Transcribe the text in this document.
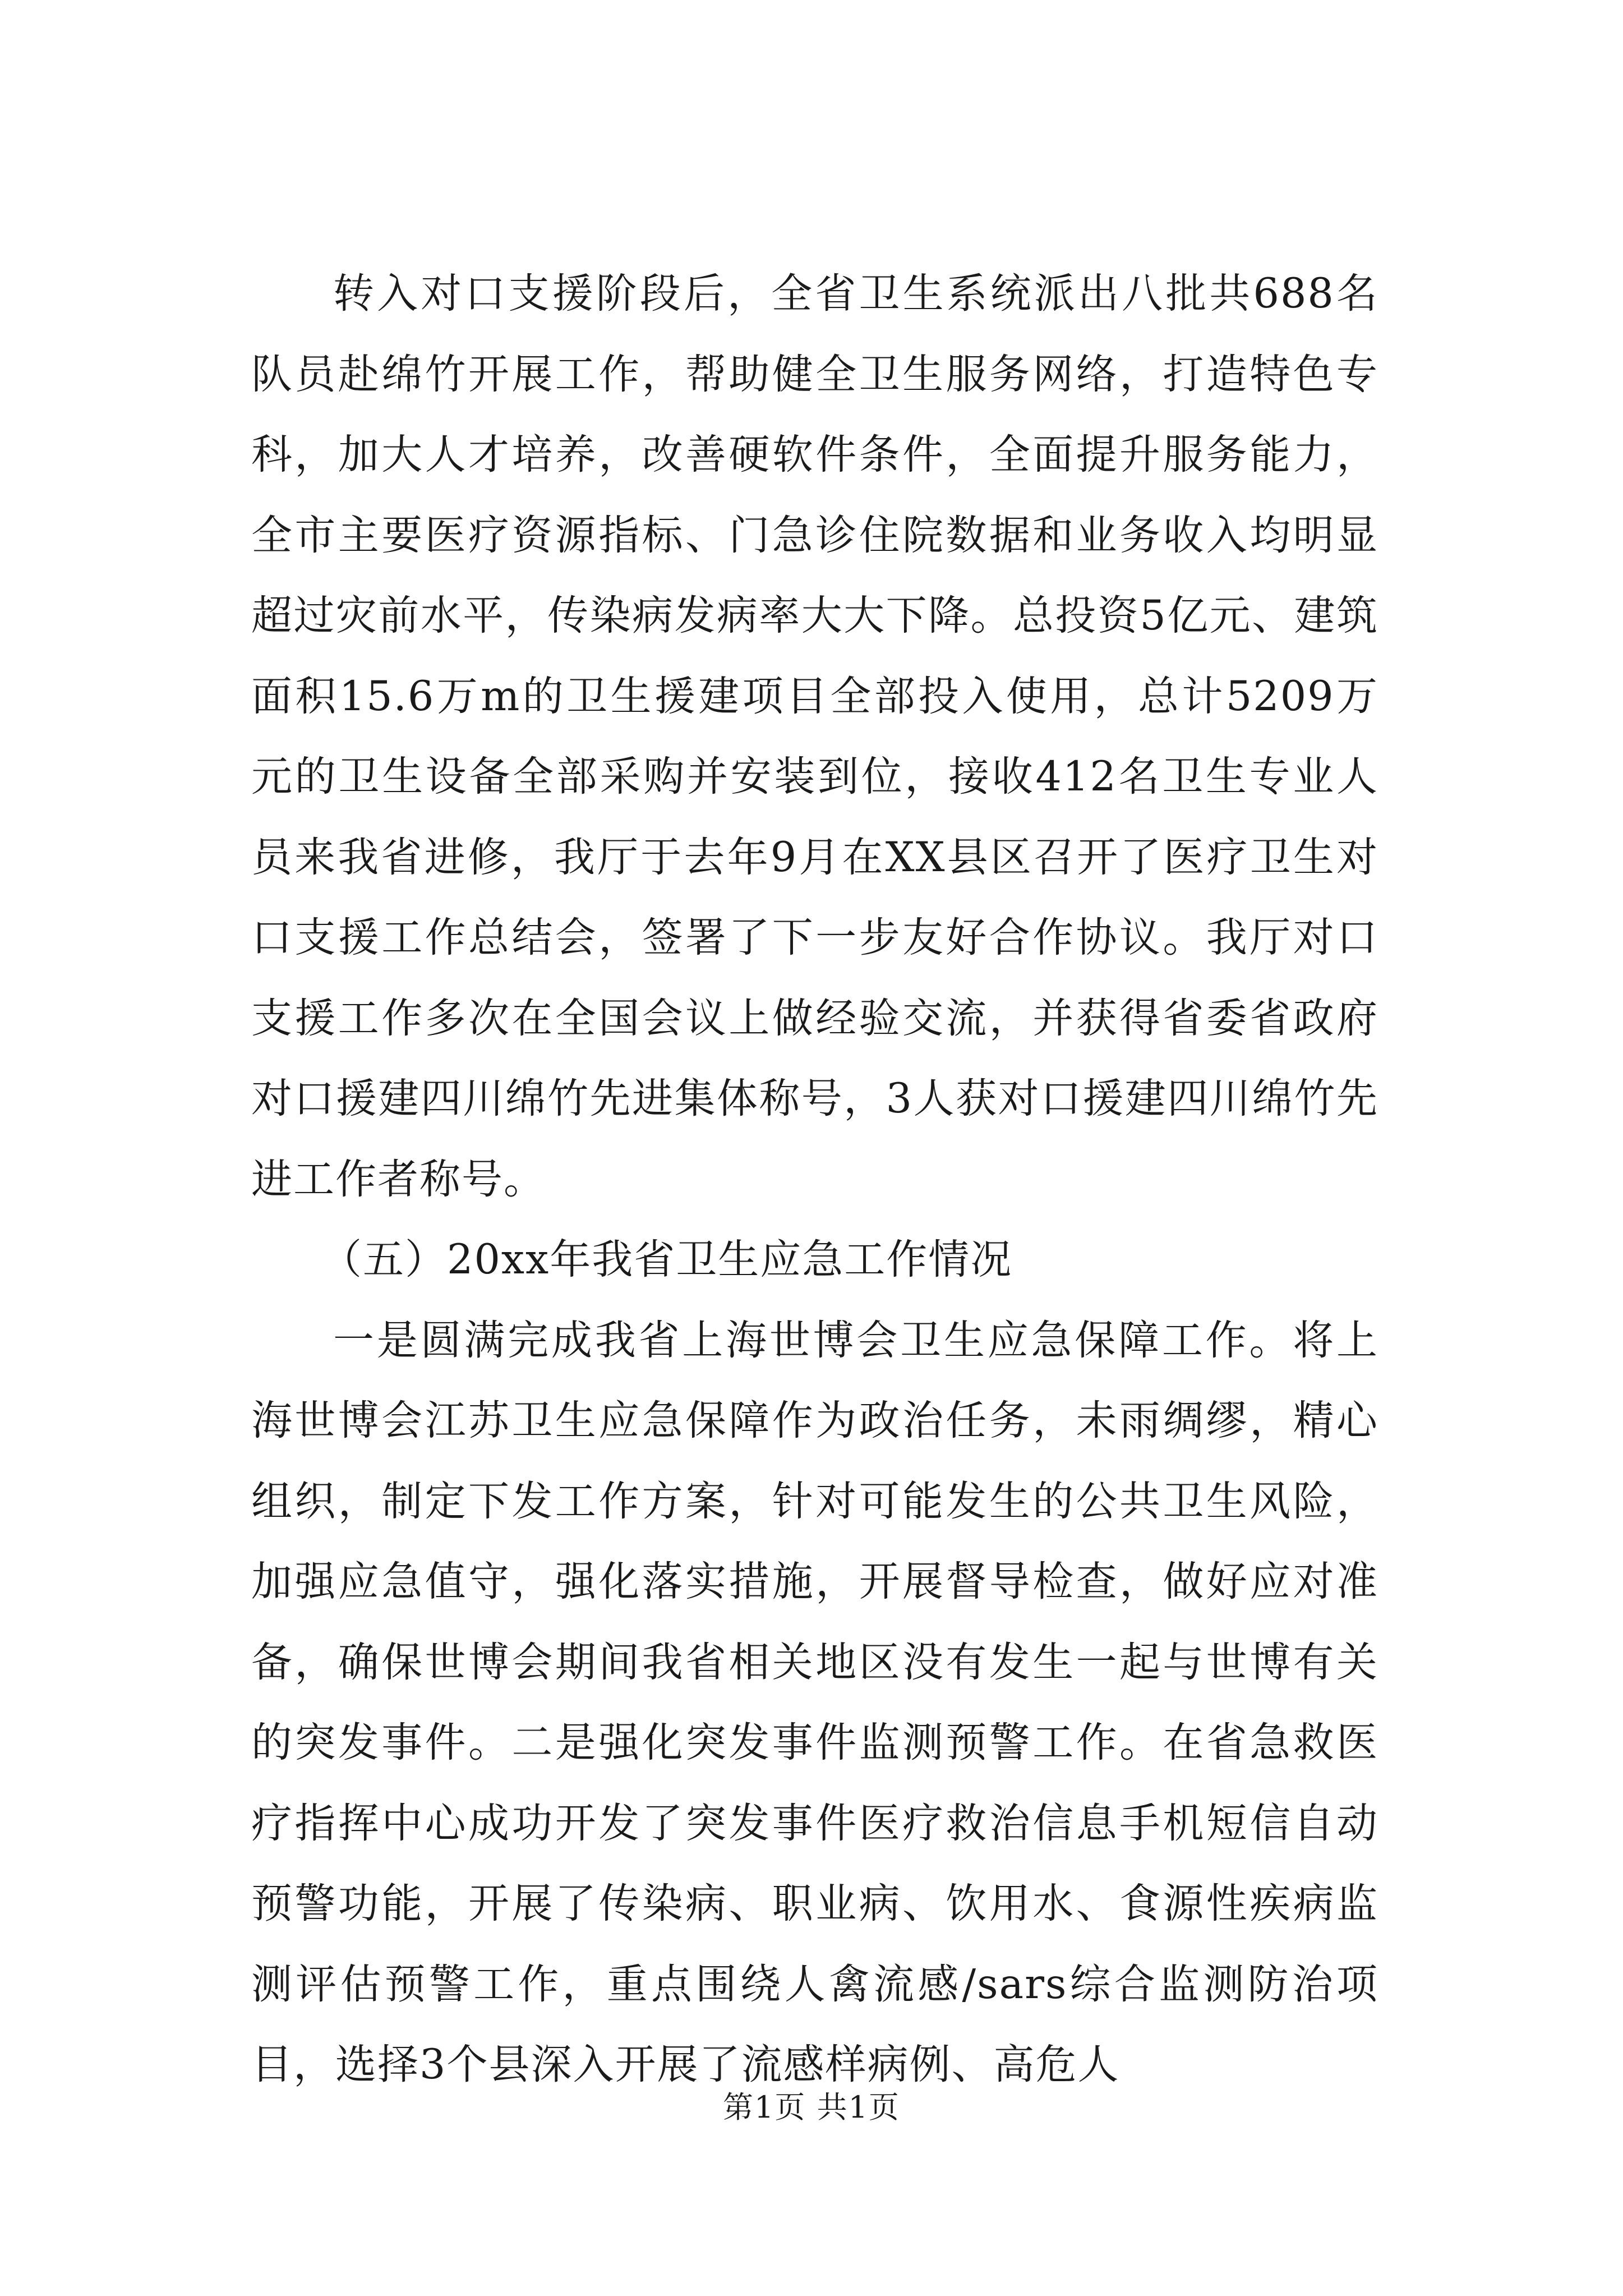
转入对口支援阶段后，全省卫生系统派出八批共688名队员赴绵竹开展工作，帮助健全卫生服务网络，打造特色专科，加大人才培养，改善硬软件条件，全面提升服务能力，全市主要医疗资源指标、门急诊住院数据和业务收入均明显超过灾前水平，传染病发病率大大下降。总投资5亿元、建筑面积15.6万m的卫生援建项目全部投入使用，总计5209万元的卫生设备全部采购并安装到位，接收412名卫生专业人员来我省进修，我厅于去年9月在XX县区召开了医疗卫生对口支援工作总结会，签署了下一步友好合作协议。我厅对口支援工作多次在全国会议上做经验交流，并获得省委省政府对口援建四川绵竹先进集体称号，3人获对口援建四川绵竹先进工作者称号。

（五）20xx年我省卫生应急工作情况

一是圆满完成我省上海世博会卫生应急保障工作。将上海世博会江苏卫生应急保障作为政治任务，未雨绸缪，精心组织，制定下发工作方案，针对可能发生的公共卫生风险，加强应急值守，强化落实措施，开展督导检查，做好应对准备，确保世博会期间我省相关地区没有发生一起与世博有关的突发事件。二是强化突发事件监测预警工作。在省急救医疗指挥中心成功开发了突发事件医疗救治信息手机短信自动预警功能，开展了传染病、职业病、饮用水、食源性疾病监测评估预警工作，重点围绕人禽流感/sars综合监测防治项目，选择3个县深入开展了流感样病例、高危人

第1页 共1页
